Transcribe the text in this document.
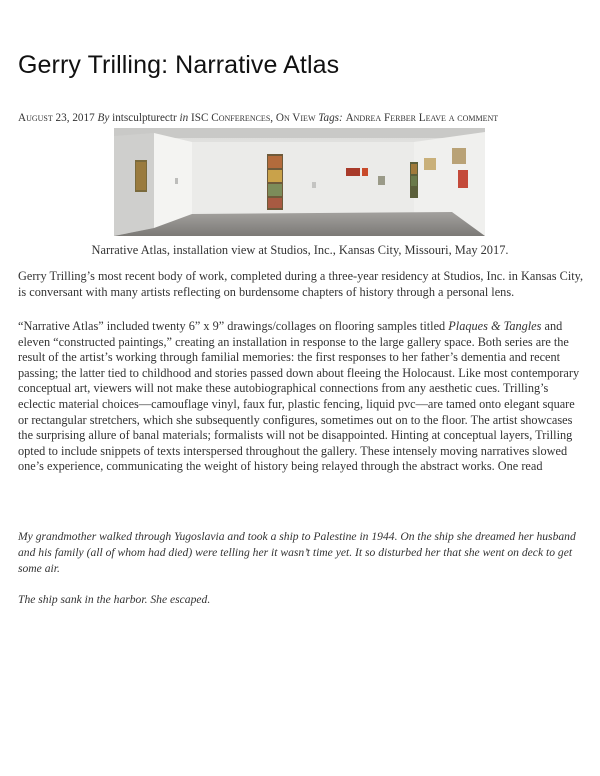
Gerry Trilling: Narrative Atlas
August 23, 2017 By intsculpturectr in ISC Conferences, On View Tags: Andrea Ferber Leave a comment
Narrative Atlas, installation view at Studios, Inc., Kansas City, Missouri, May 2017.

Gerry Trilling’s most recent body of work, completed during a three-year residency at Studios, Inc. in Kansas City, is conversant with many artists reflecting on burdensome chapters of history through a personal lens.

“Narrative Atlas” included twenty 6” x 9” drawings/collages on flooring samples titled Plaques & Tangles and eleven “constructed paintings,” creating an installation in response to the large gallery space. Both series are the result of the artist’s working through familial memories: the first responses to her father’s dementia and recent passing; the latter tied to childhood and stories passed down about fleeing the Holocaust. Like most contemporary conceptual art, viewers will not make these autobiographical connections from any aesthetic cues. Trilling’s eclectic material choices—camouflage vinyl, faux fur, plastic fencing, liquid pvc—are tamed onto elegant square or rectangular stretchers, which she subsequently configures, sometimes out on to the floor. The artist showcases the surprising allure of banal materials; formalists will not be disappointed. Hinting at conceptual layers, Trilling opted to include snippets of texts interspersed throughout the gallery. These intensely moving narratives slowed one’s experience, communicating the weight of history being relayed through the abstract works. One read

My grandmother walked through Yugoslavia and took a ship to Palestine in 1944. On the ship she dreamed her husband and his family (all of whom had died) were telling her it wasn’t time yet. It so disturbed her that she went on deck to get some air.

The ship sank in the harbor. She escaped.
